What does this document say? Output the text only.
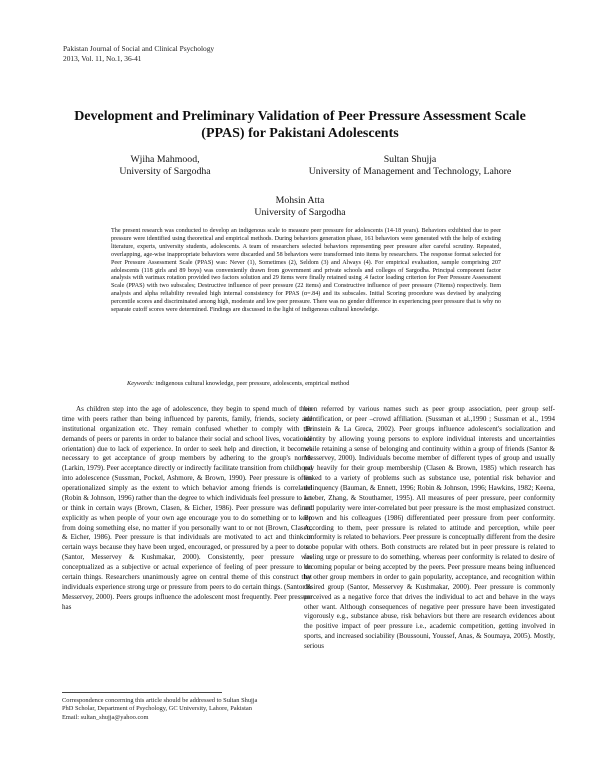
Pakistan Journal of Social and Clinical Psychology
2013, Vol. 11, No.1, 36-41
Development and Preliminary Validation of Peer Pressure Assessment Scale (PPAS) for Pakistani Adolescents
Wjiha Mahmood,
University of Sargodha
Sultan Shujja
University of Management and Technology, Lahore
Mohsin Atta
University of Sargodha
The present research was conducted to develop an indigenous scale to measure peer pressure for adolescents (14-18 years). Behaviors exhibited due to peer pressure were identified using theoretical and empirical methods. During behaviors generation phase, 161 behaviors were generated with the help of existing literature, experts, university students, adolescents. A team of researchers selected behaviors representing peer pressure after careful scrutiny. Repeated, overlapping, age-wise inappropriate behaviors were discarded and 58 behaviors were transformed into items by researchers. The response format selected for Peer Pressure Assessment Scale (PPAS) was: Never (1), Sometimes (2), Seldom (3) and Always (4). For empirical evaluation, sample comprising 207 adolescents (118 girls and 89 boys) was conveniently drawn from government and private schools and colleges of Sargodha. Principal component factor analysis with varimax rotation provided two factors solution and 29 items were finally retained using .4 factor loading criterion for Peer Pressure Assessment Scale (PPAS) with two subscales; Destructive influence of peer pressure (22 items) and Constructive influence of peer pressure (7items) respectively. Item analysis and alpha reliability revealed high internal consistency for PPAS (α=.84) and its subscales. Initial Scoring procedure was devised by analyzing percentile scores and discriminated among high, moderate and low peer pressure. There was no gender difference in experiencing peer pressure that is why no separate cutoff scores were determined. Findings are discussed in the light of indigenous cultural knowledge.
Keywords: indigenous cultural knowledge, peer pressure, adolescents, empirical method

As children step into the age of adolescence, they begin to spend much of their time with peers rather than being influenced by parents, family, friends, society and institutional organization etc. They remain confused whether to comply with the demands of peers or parents in order to balance their social and school lives, vocational orientation) due to lack of experience. In order to seek help and direction, it becomes necessary to get acceptance of group members by adhering to the group's norms (Larkin, 1979). Peer acceptance directly or indirectly facilitate transition from childhood into adolescence (Sussman, Pockel, Ashmore, & Brown, 1990). Peer pressure is often operationalized simply as the extent to which behavior among friends is correlated (Robin & Johnson, 1996) rather than the degree to which individuals feel pressure to act or think in certain ways (Brown, Clasen, & Eicher, 1986). Peer pressure was defined explicitly as when people of your own age encourage you to do something or to keep from doing something else, no matter if you personally want to or not (Brown, Clasen, & Eicher, 1986). Peer pressure is that individuals are motivated to act and think in certain ways because they have been urged, encouraged, or pressured by a peer to do so (Santor, Messervey & Kushmakar, 2000). Consistently, peer pressure was conceptualized as a subjective or actual experience of feeling of peer pressure to do certain things. Researchers unanimously agree on central theme of this construct that individuals experience strong urge or pressure from peers to do certain things. (Santor & Messervey, 2000). Peers groups influence the adolescent most frequently. Peer pressure has

been referred by various names such as peer group association, peer group self-identification, or peer –crowd affiliation. (Sussman et al.,1990 ; Sussman et al., 1994 ;Prinstein & La Greca, 2002). Peer groups influence adolescent's socialization and identity by allowing young persons to explore individual interests and uncertainties while retaining a sense of belonging and continuity within a group of friends (Santor & Messervey, 2000). Individuals become member of different types of group and usually pay heavily for their group membership (Clasen & Brown, 1985) which research has linked to a variety of problems such as substance use, potential risk behavior and delinquency (Bauman, & Ennett, 1996; Robin & Johnson, 1996; Hawkins, 1982; Keena, Loeber, Zhang, & Stouthamer, 1995). All measures of peer pressure, peer conformity and popularity were inter-correlated but peer pressure is the most emphasized construct. Brown and his colleagues (1986) differentiated peer pressure from peer conformity. According to them, peer pressure is related to attitude and perception, while peer conformity is related to behaviors. Peer pressure is conceptually different from the desire to be popular with others. Both constructs are related but in peer pressure is related to feeling urge or pressure to do something, whereas peer conformity is related to desire of becoming popular or being accepted by the peers. Peer pressure means being influenced by other group members in order to gain popularity, acceptance, and recognition within desired group (Santor, Messervey & Kushmakar, 2000). Peer pressure is commonly perceived as a negative force that drives the individual to act and behave in the ways other want. Although consequences of negative peer pressure have been investigated vigorously e.g., substance abuse, risk behaviors but there are research evidences about the positive impact of peer pressure i.e., academic competition, getting involved in sports, and increased sociability (Boussouni, Youssef, Anas, & Soumaya, 2005). Mostly, serious

Correspondence concerning this article should be addressed to Sultan Shujja
PhD Scholar, Department of Psychology, GC University, Lahore, Pakistan
Email: sultan_shujja@yahoo.com
